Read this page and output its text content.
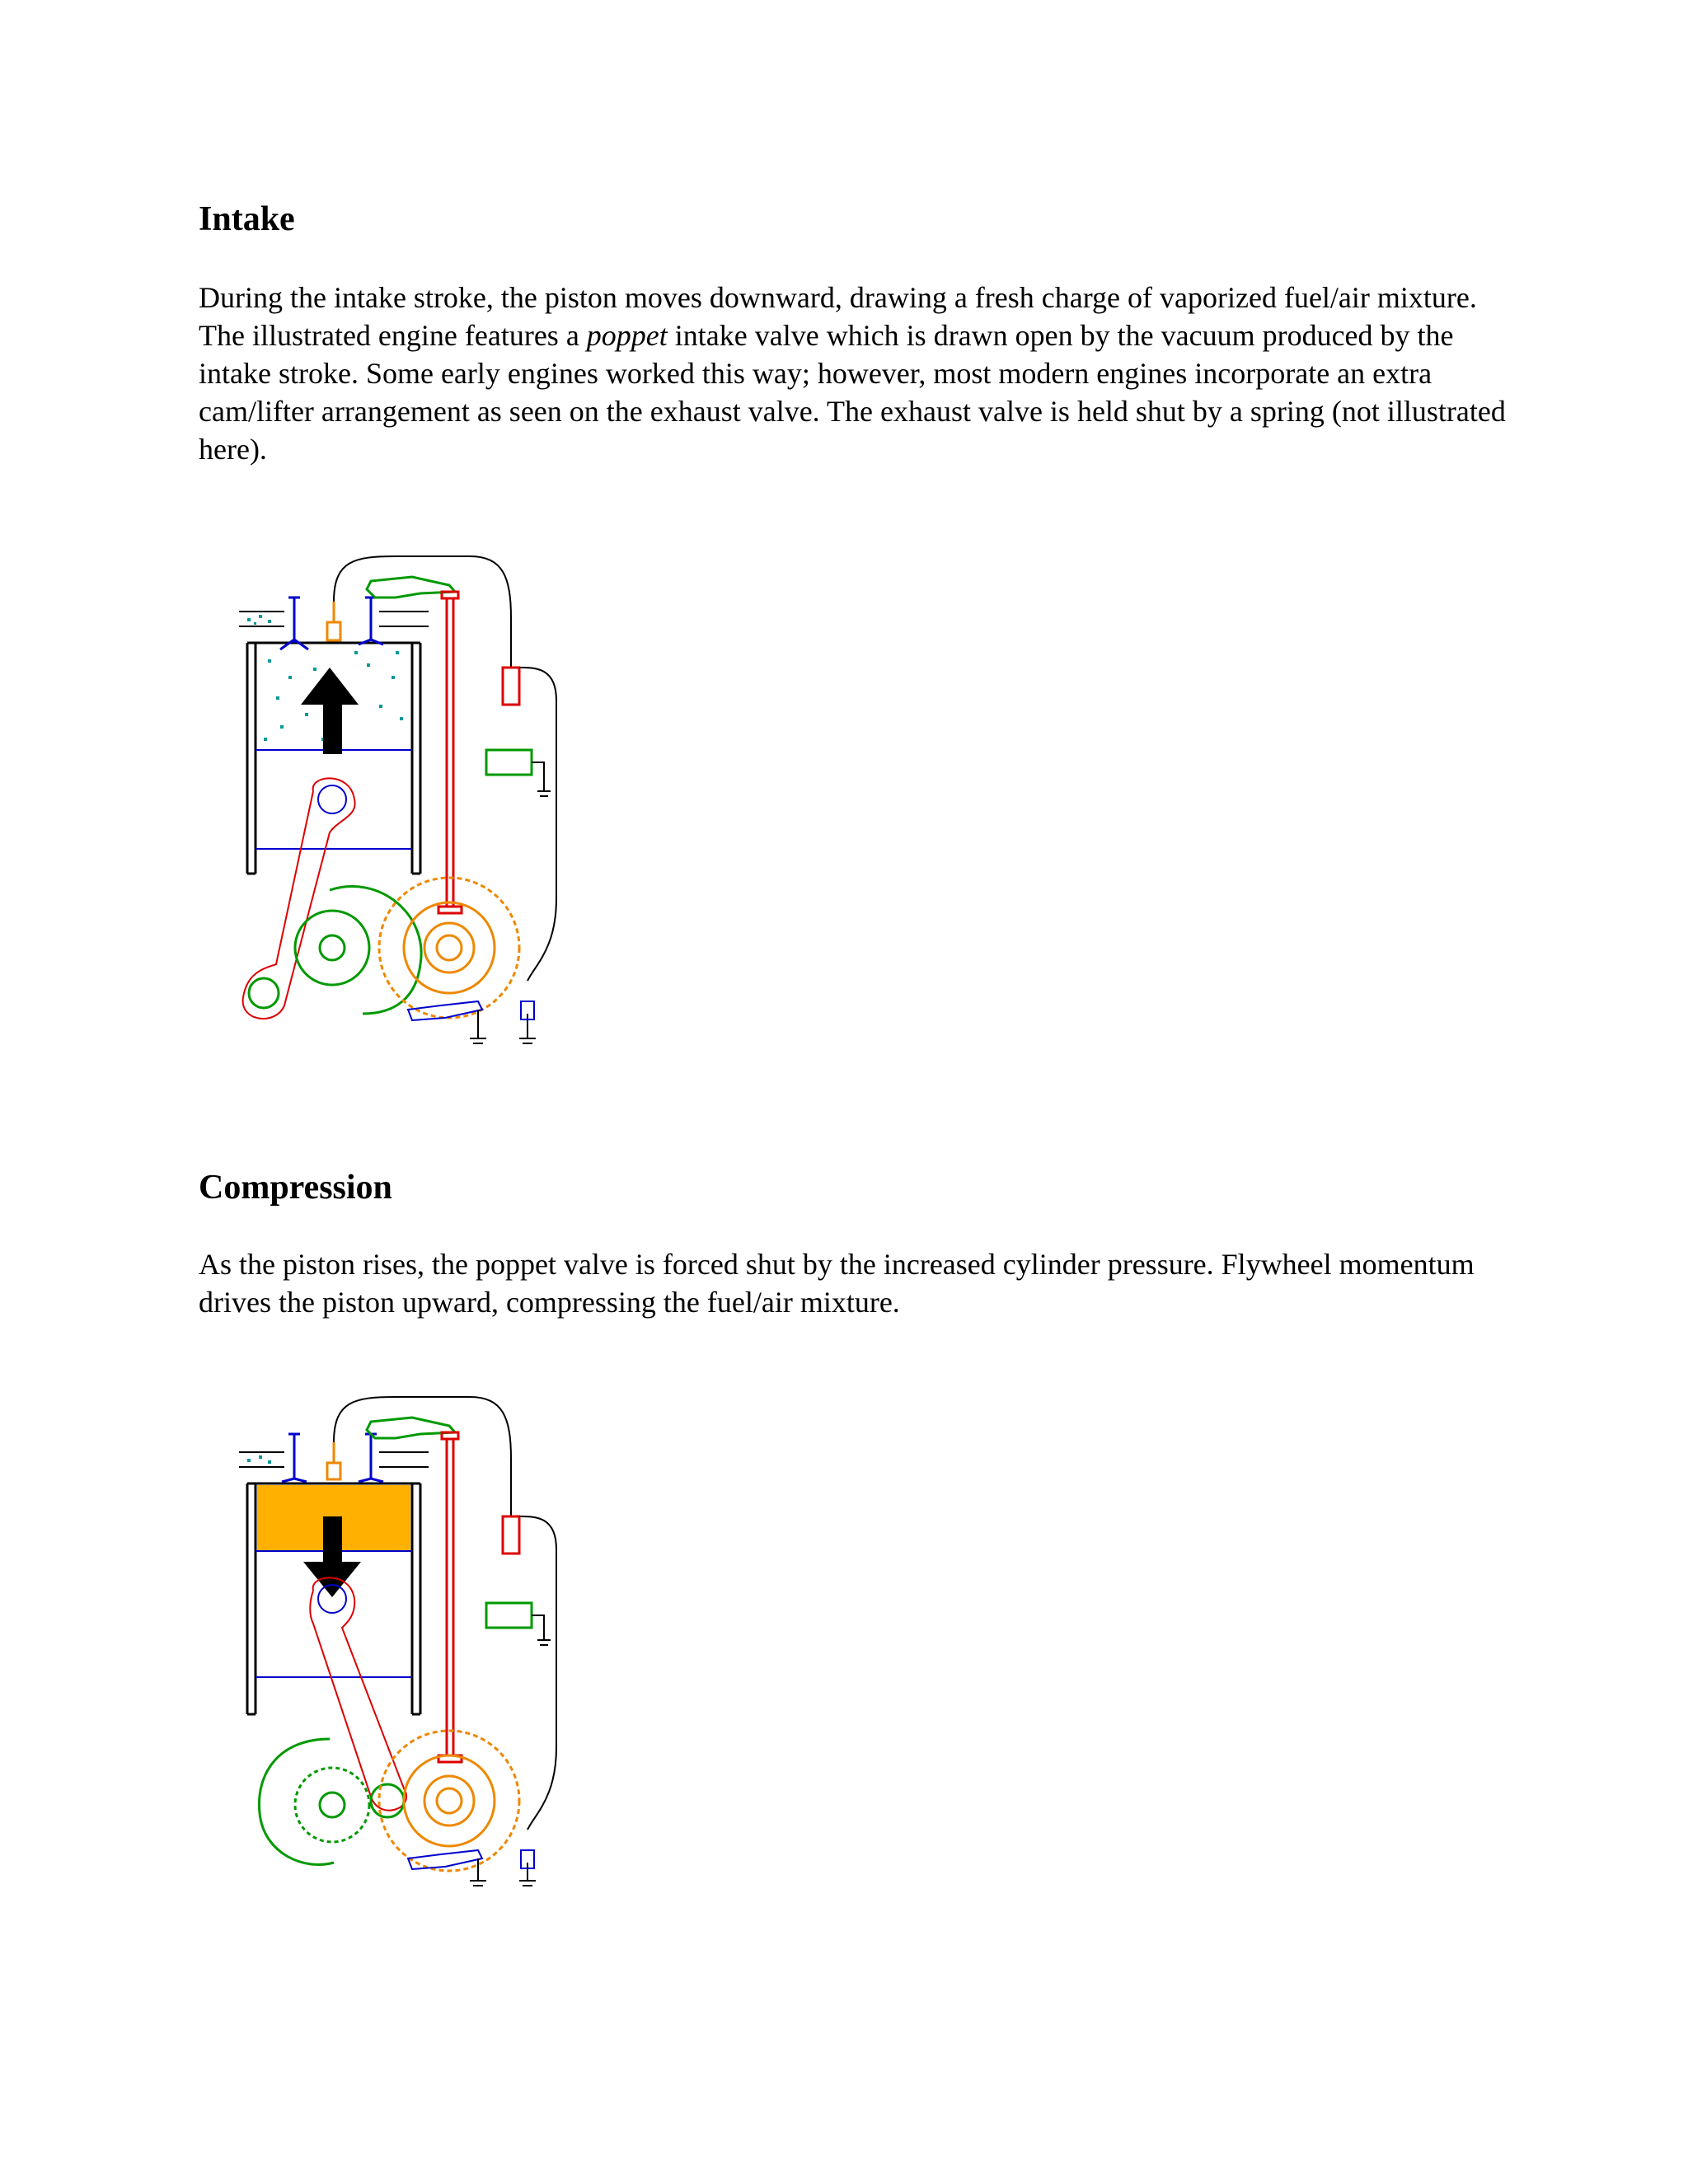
Intake

During the intake stroke, the piston moves downward, drawing a fresh charge of vaporized fuel/air mixture. The illustrated engine features a poppet intake valve which is drawn open by the vacuum produced by the intake stroke. Some early engines worked this way; however, most modern engines incorporate an extra cam/lifter arrangement as seen on the exhaust valve. The exhaust valve is held shut by a spring (not illustrated here).

Compression

As the piston rises, the poppet valve is forced shut by the increased cylinder pressure. Flywheel momentum drives the piston upward, compressing the fuel/air mixture.
